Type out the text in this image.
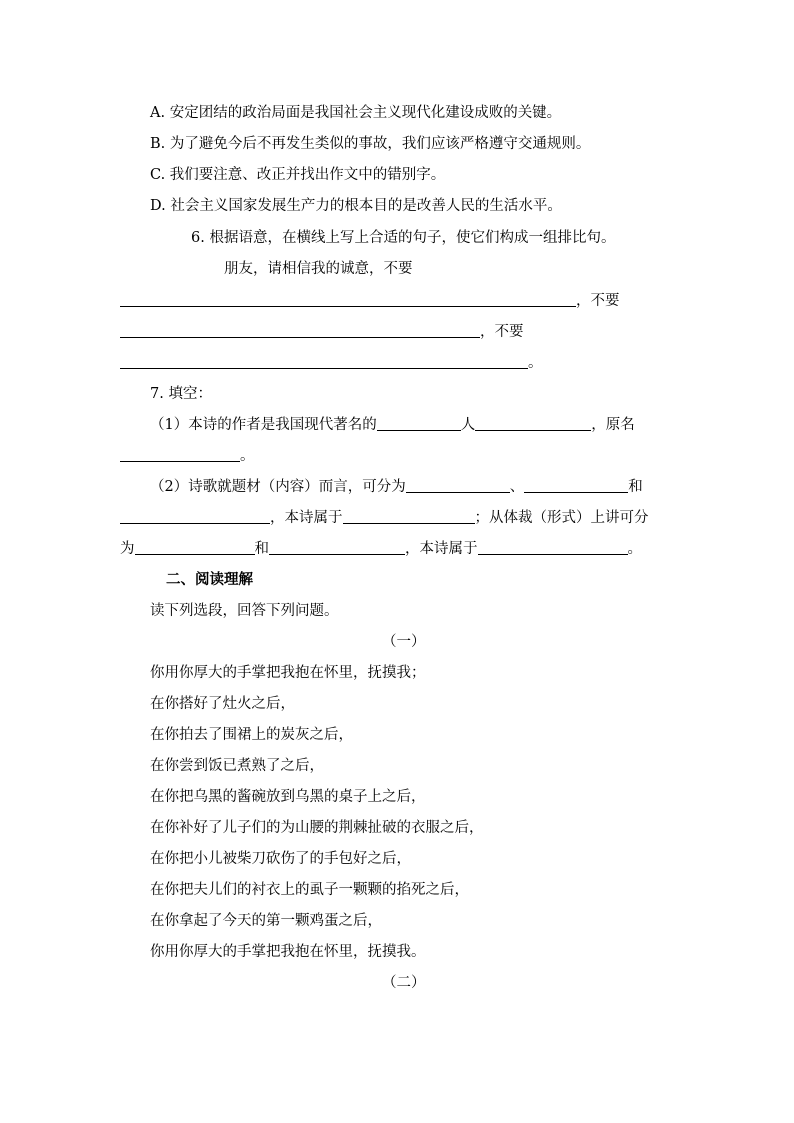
A. 安定团结的政治局面是我国社会主义现代化建设成败的关键。
B. 为了避免今后不再发生类似的事故，我们应该严格遵守交通规则。
C. 我们要注意、改正并找出作文中的错别字。
D. 社会主义国家发展生产力的根本目的是改善人民的生活水平。
6. 根据语意，在横线上写上合适的句子，使它们构成一组排比句。
朋友，请相信我的诚意，不要
，不要
，不要
。
7. 填空：
（1）本诗的作者是我国现代著名的	人	，原名
。
（2）诗歌就题材（内容）而言，可分为	、	和
，本诗属于	；从体裁（形式）上讲可分
为	和	，本诗属于	。
二、阅读理解
读下列选段，回答下列问题。
（一）
你用你厚大的手掌把我抱在怀里，抚摸我；
在你搭好了灶火之后，
在你拍去了围裙上的炭灰之后，
在你尝到饭已煮熟了之后，
在你把乌黑的酱碗放到乌黑的桌子上之后，
在你补好了儿子们的为山腰的荆棘扯破的衣服之后，
在你把小儿被柴刀砍伤了的手包好之后，
在你把夫儿们的衬衣上的虱子一颗颗的掐死之后，
在你拿起了今天的第一颗鸡蛋之后，
你用你厚大的手掌把我抱在怀里，抚摸我。
（二）
